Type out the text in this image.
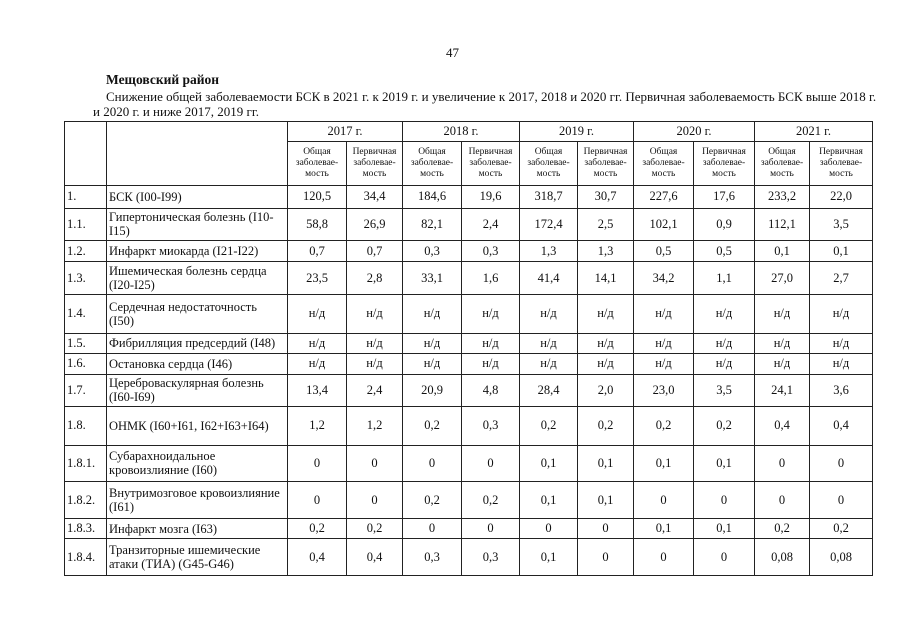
47
Мещовский район
Снижение общей заболеваемости БСК в 2021 г. к 2019 г. и увеличение к 2017, 2018 и 2020 гг. Первичная заболеваемость БСК выше 2018 г. и 2020 г. и ниже 2017, 2019 гг.
		2017 г.		2018 г.		2019 г.		2020 г.		2021 г.	
		Общая заболевае-мость	Первичная заболевае-мость	Общая заболевае-мость	Первичная заболевае-мость	Общая заболевае-мость	Первичная заболевае-мость	Общая заболевае-мость	Первичная заболевае-мость	Общая заболевае-мость	Первичная заболевае-мость
1.	БСК (I00-I99)	120,5	34,4	184,6	19,6	318,7	30,7	227,6	17,6	233,2	22,0
1.1.	Гипертоническая болезнь (I10-I15)	58,8	26,9	82,1	2,4	172,4	2,5	102,1	0,9	112,1	3,5
1.2.	Инфаркт миокарда (I21-I22)	0,7	0,7	0,3	0,3	1,3	1,3	0,5	0,5	0,1	0,1
1.3.	Ишемическая болезнь сердца (I20-I25)	23,5	2,8	33,1	1,6	41,4	14,1	34,2	1,1	27,0	2,7
1.4.	Сердечная недостаточность (I50)	н/д	н/д	н/д	н/д	н/д	н/д	н/д	н/д	н/д	н/д
1.5.	Фибрилляция предсердий (I48)	н/д	н/д	н/д	н/д	н/д	н/д	н/д	н/д	н/д	н/д
1.6.	Остановка сердца (I46)	н/д	н/д	н/д	н/д	н/д	н/д	н/д	н/д	н/д	н/д
1.7.	Цереброваскулярная болезнь (I60-I69)	13,4	2,4	20,9	4,8	28,4	2,0	23,0	3,5	24,1	3,6
1.8.	ОНМК (I60+I61, I62+I63+I64)	1,2	1,2	0,2	0,3	0,2	0,2	0,2	0,2	0,4	0,4
1.8.1.	Субарахноидальное кровоизлияние (I60)	0	0	0	0	0,1	0,1	0,1	0,1	0	0
1.8.2.	Внутримозговое кровоизлияние (I61)	0	0	0,2	0,2	0,1	0,1	0	0	0	0
1.8.3.	Инфаркт мозга (I63)	0,2	0,2	0	0	0	0	0,1	0,1	0,2	0,2
1.8.4.	Транзиторные ишемические атаки (ТИА) (G45-G46)	0,4	0,4	0,3	0,3	0,1	0	0	0	0,08	0,08
